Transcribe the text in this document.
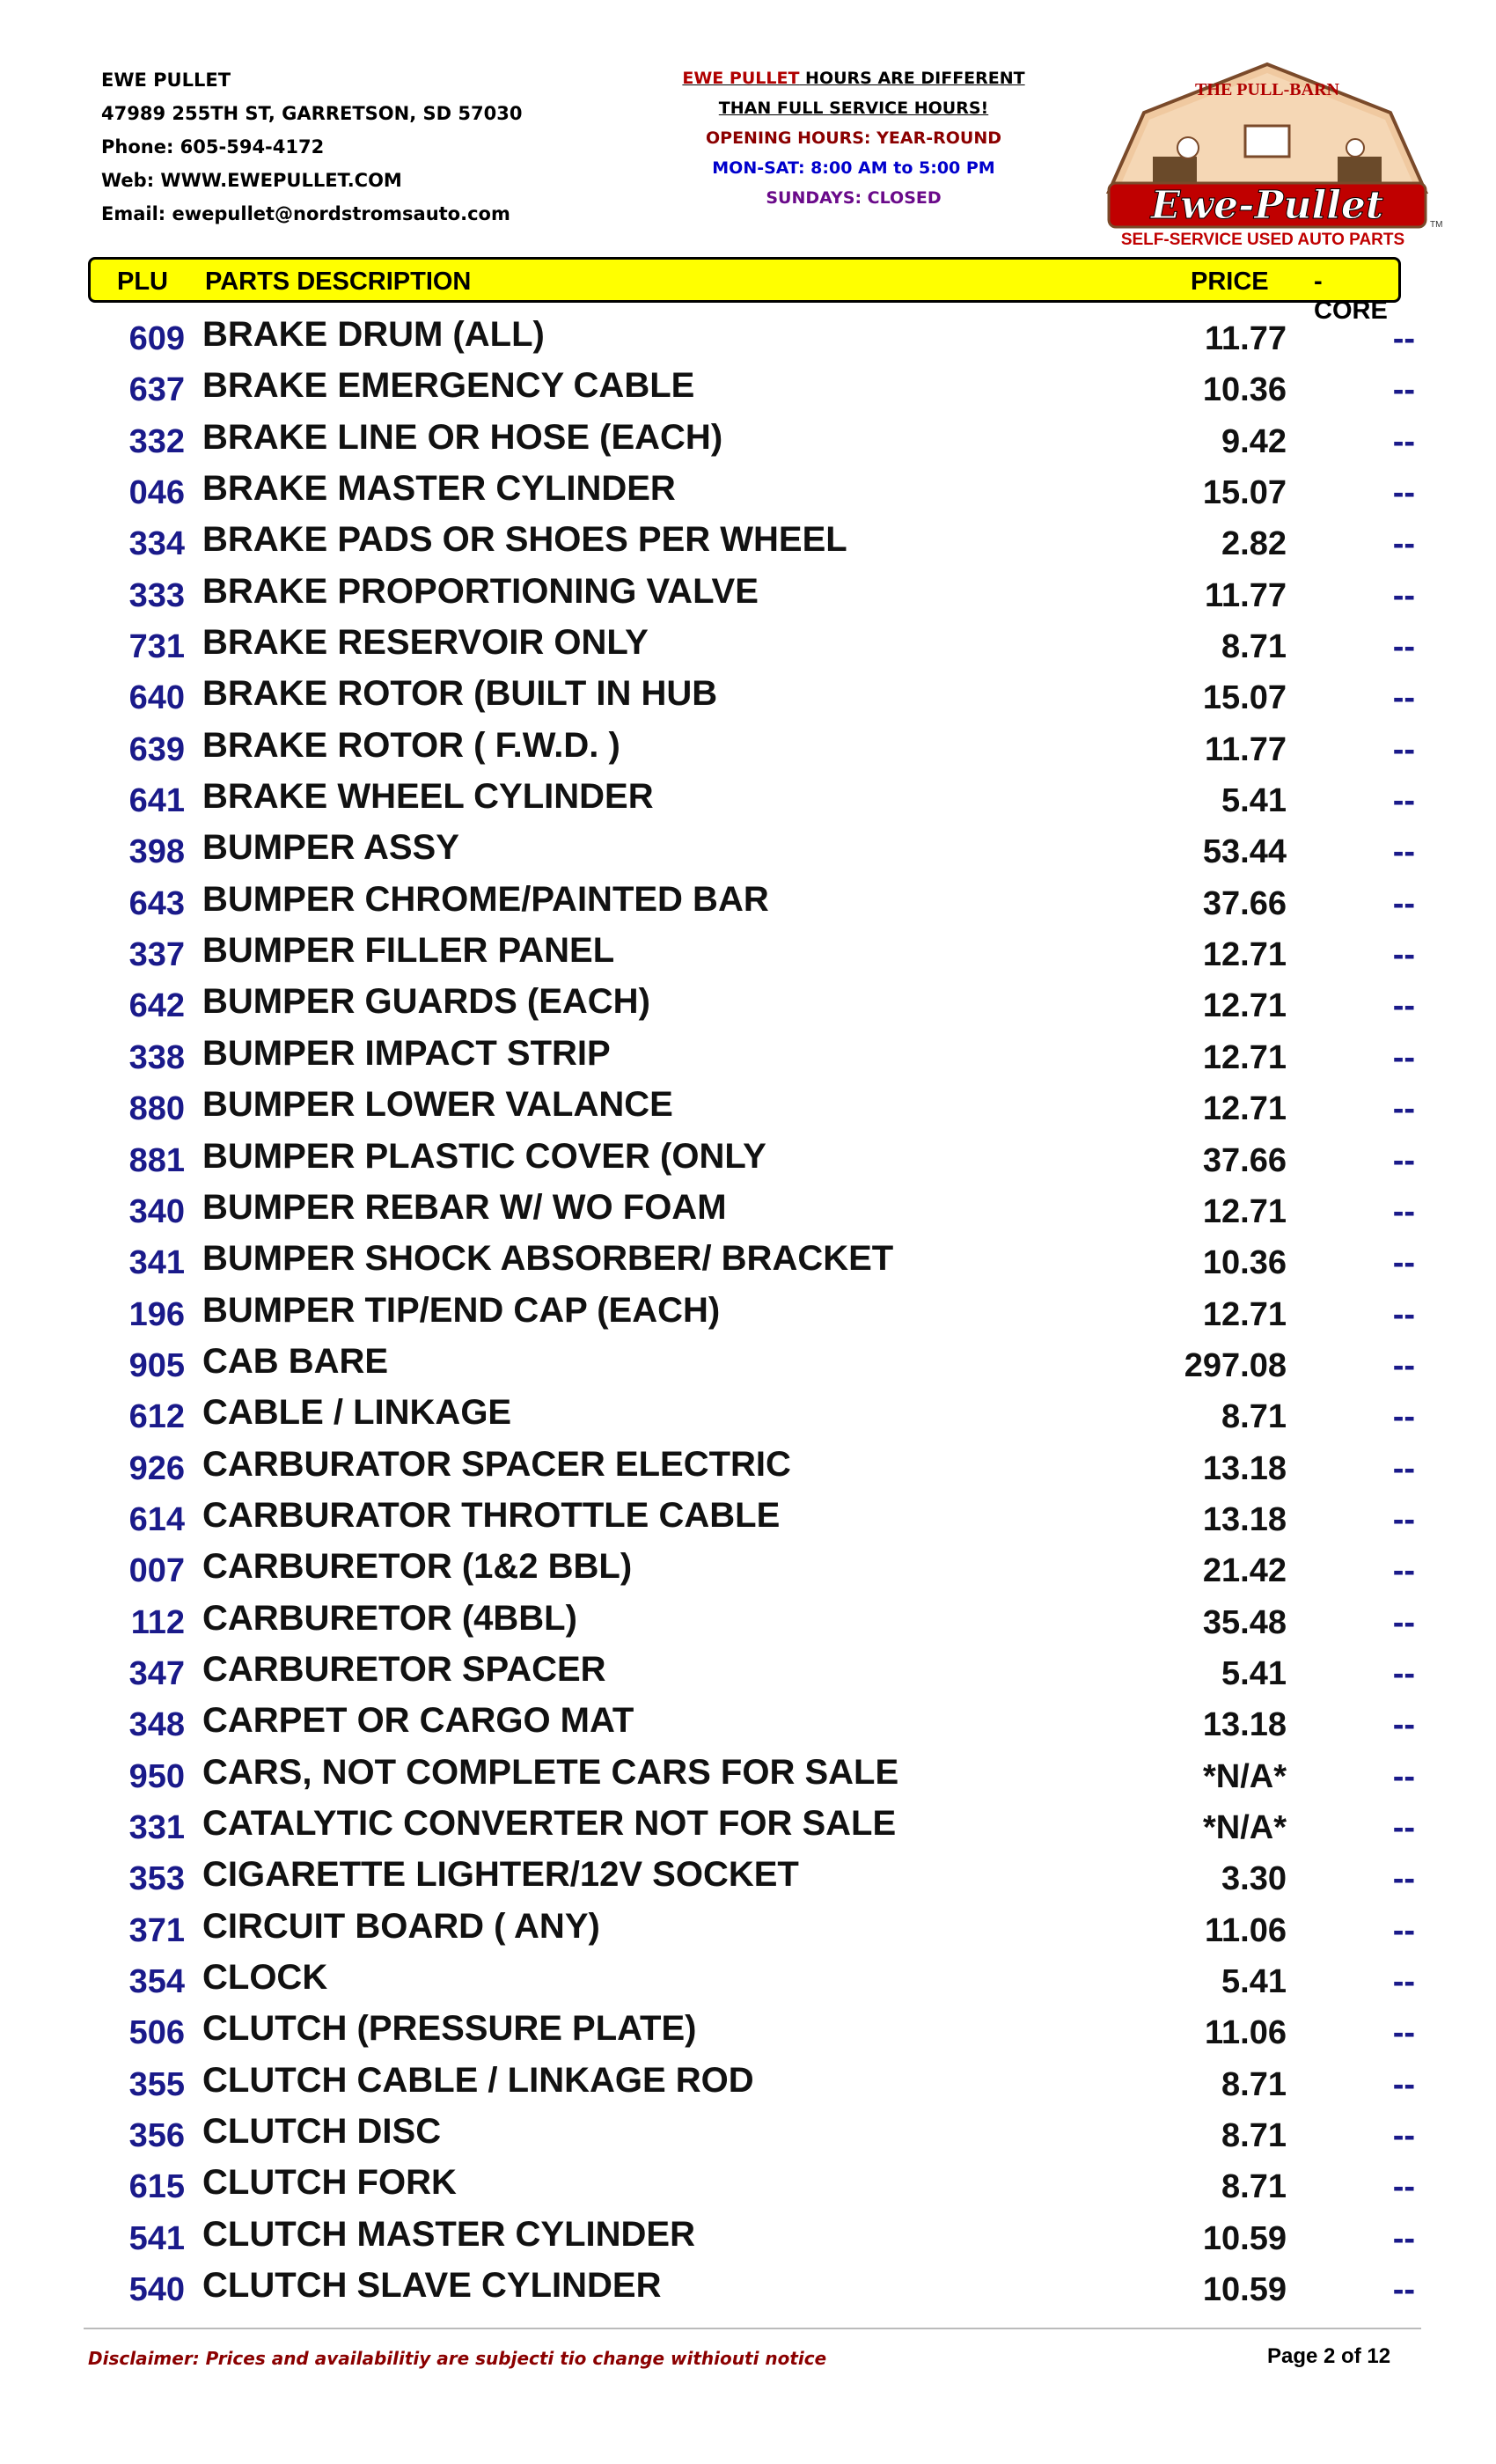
EWE PULLET
47989 255TH ST, GARRETSON, SD 57030
Phone: 605-594-4172
Web: WWW.EWEPULLET.COM
Email: ewepullet@nordstromsauto.com
EWE PULLET HOURS ARE DIFFERENT
THAN FULL SERVICE HOURS!
OPENING HOURS: YEAR-ROUND
MON-SAT: 8:00 AM to 5:00 PM
SUNDAYS: CLOSED
THE PULL-BARN
Ewe-Pullet	TM
SELF-SERVICE USED AUTO PARTS
PLU PARTS DESCRIPTION	PRICE - CORE
609 BRAKE DRUM (ALL)	11.77	--
637 BRAKE EMERGENCY CABLE	10.36	--
332 BRAKE LINE OR HOSE (EACH)	9.42	--
046 BRAKE MASTER CYLINDER	15.07	--
334 BRAKE PADS OR SHOES PER WHEEL	2.82	--
333 BRAKE PROPORTIONING VALVE	11.77	--
731 BRAKE RESERVOIR ONLY	8.71	--
640 BRAKE ROTOR (BUILT IN HUB	15.07	--
639 BRAKE ROTOR ( F.W.D. )	11.77	--
641 BRAKE WHEEL CYLINDER	5.41	--
398 BUMPER ASSY	53.44	--
643 BUMPER CHROME/PAINTED BAR	37.66	--
337 BUMPER FILLER PANEL	12.71	--
642 BUMPER GUARDS (EACH)	12.71	--
338 BUMPER IMPACT STRIP	12.71	--
880 BUMPER LOWER VALANCE	12.71	--
881 BUMPER PLASTIC COVER (ONLY	37.66	--
340 BUMPER REBAR W/ WO FOAM	12.71	--
341 BUMPER SHOCK ABSORBER/ BRACKET	10.36	--
196 BUMPER TIP/END CAP (EACH)	12.71	--
905 CAB BARE	297.08	--
612 CABLE / LINKAGE	8.71	--
926 CARBURATOR SPACER ELECTRIC	13.18	--
614 CARBURATOR THROTTLE CABLE	13.18	--
007 CARBURETOR (1&2 BBL)	21.42	--
112 CARBURETOR (4BBL)	35.48	--
347 CARBURETOR SPACER	5.41	--
348 CARPET OR CARGO MAT	13.18	--
950 CARS, NOT COMPLETE CARS FOR SALE	*N/A*	--
331 CATALYTIC CONVERTER NOT FOR SALE	*N/A*	--
353 CIGARETTE LIGHTER/12V SOCKET	3.30	--
371 CIRCUIT BOARD ( ANY)	11.06	--
354 CLOCK	5.41	--
506 CLUTCH (PRESSURE PLATE)	11.06	--
355 CLUTCH CABLE / LINKAGE ROD	8.71	--
356 CLUTCH DISC	8.71	--
615 CLUTCH FORK	8.71	--
541 CLUTCH MASTER CYLINDER	10.59	--
540 CLUTCH SLAVE CYLINDER	10.59	--
Disclaimer: Prices and availabilitiy are subjecti tio change withiouti notice	Page 2 of 12
